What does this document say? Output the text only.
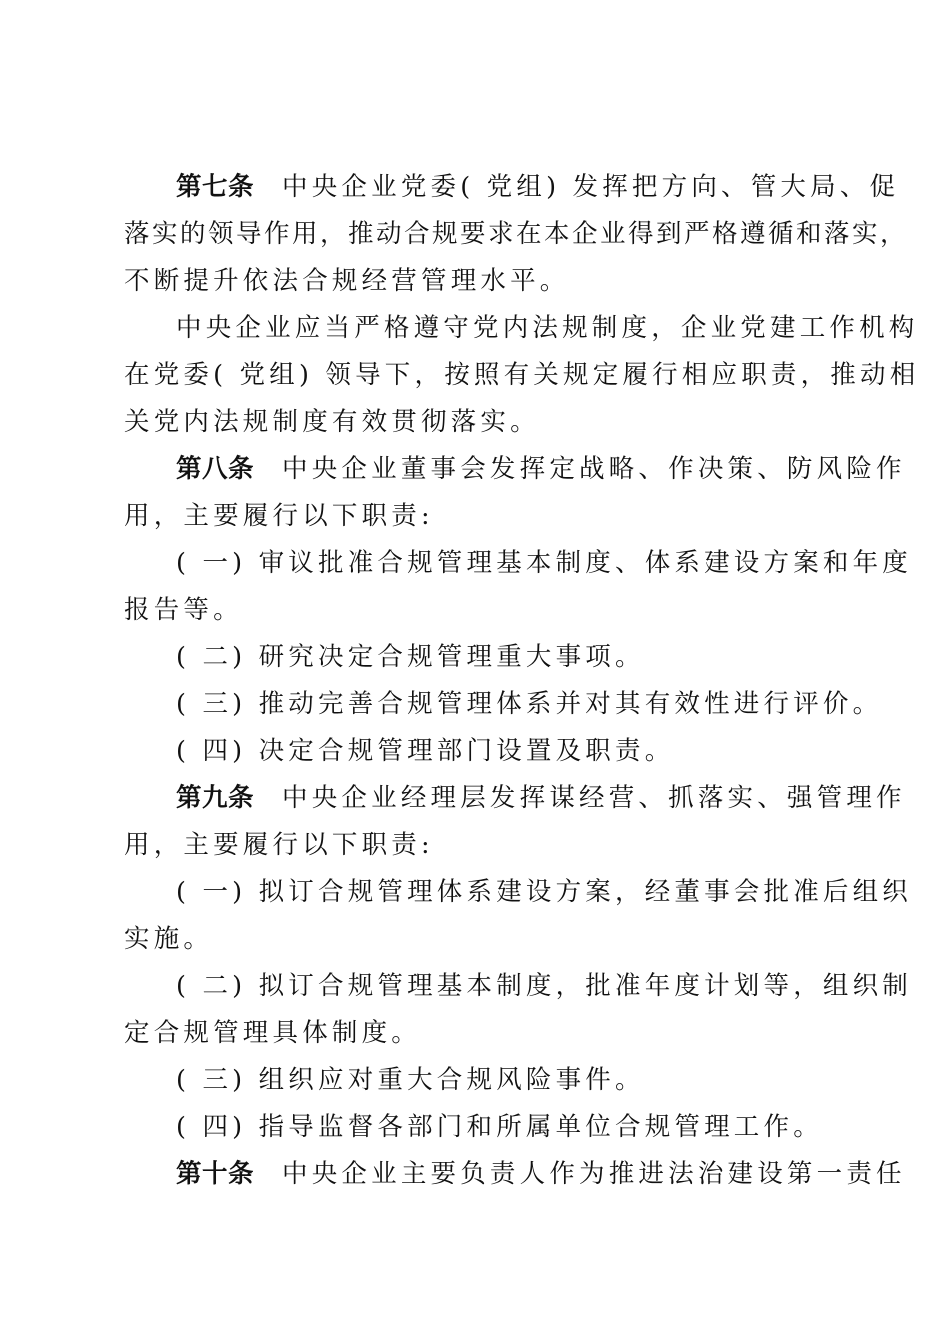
第七条 中央企业党委( 党组) 发挥把方向、管大局、促
落实的领导作用，推动合规要求在本企业得到严格遵循和落实，
不断提升依法合规经营管理水平。
中央企业应当严格遵守党内法规制度，企业党建工作机构
在党委( 党组) 领导下，按照有关规定履行相应职责，推动相
关党内法规制度有效贯彻落实。
第八条 中央企业董事会发挥定战略、作决策、防风险作
用，主要履行以下职责:
( 一) 审议批准合规管理基本制度、体系建设方案和年度
报告等。
( 二) 研究决定合规管理重大事项。
( 三) 推动完善合规管理体系并对其有效性进行评价。
( 四) 决定合规管理部门设置及职责。
第九条 中央企业经理层发挥谋经营、抓落实、强管理作
用，主要履行以下职责:
( 一) 拟订合规管理体系建设方案，经董事会批准后组织
实施。
( 二) 拟订合规管理基本制度，批准年度计划等，组织制
定合规管理具体制度。
( 三) 组织应对重大合规风险事件。
( 四) 指导监督各部门和所属单位合规管理工作。
第十条 中央企业主要负责人作为推进法治建设第一责任
